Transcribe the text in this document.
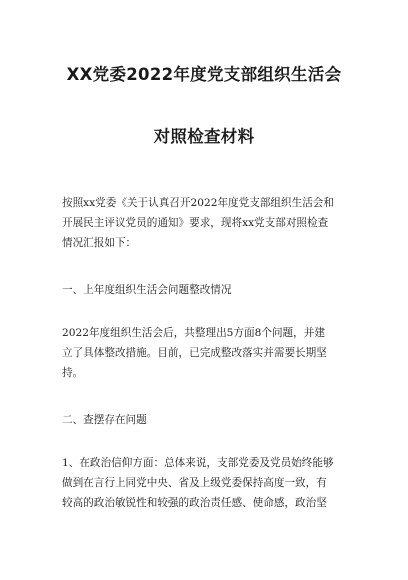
XX党委2022年度党支部组织生活会
对照检查材料

按照xx党委《关于认真召开2022年度党支部组织生活会和
开展民主评议党员的通知》要求，现将xx党支部对照检查
情况汇报如下：

一、上年度组织生活会问题整改情况

2022年度组织生活会后，共整理出5方面8个问题，并建
立了具体整改措施。目前，已完成整改落实并需要长期坚
持。

二、查摆存在问题

1、在政治信仰方面：总体来说，支部党委及党员始终能够
做到在言行上同党中央、省及上级党委保持高度一致，有
较高的政治敏锐性和较强的政治责任感、使命感，政治坚
